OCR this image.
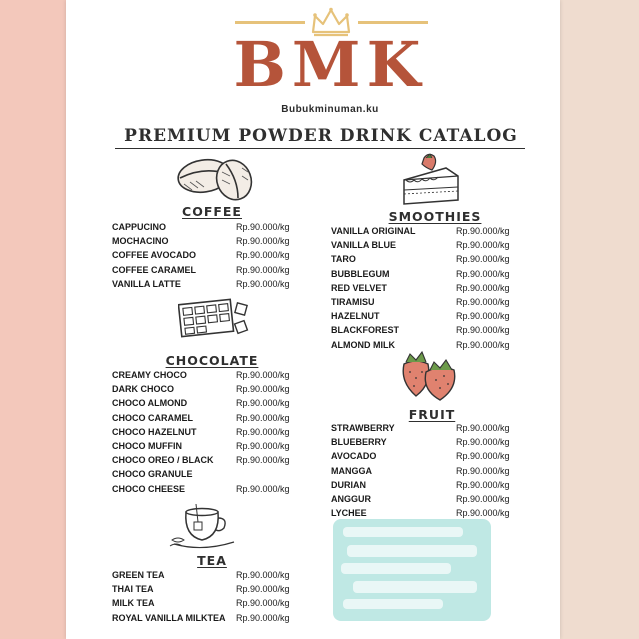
BMK
Bubukminuman.ku
PREMIUM POWDER DRINK CATALOG
COFFEE
CAPPUCINO	Rp.90.000/kg
MOCHACINO	Rp.90.000/kg
COFFEE AVOCADO	Rp.90.000/kg
COFFEE CARAMEL	Rp.90.000/kg
VANILLA LATTE	Rp.90.000/kg
CHOCOLATE
CREAMY CHOCO	Rp.90.000/kg
DARK CHOCO	Rp.90.000/kg
CHOCO ALMOND	Rp.90.000/kg
CHOCO CARAMEL	Rp.90.000/kg
CHOCO HAZELNUT	Rp.90.000/kg
CHOCO MUFFIN	Rp.90.000/kg
CHOCO OREO / BLACK Rp.90.000/kg
CHOCO GRANULE
CHOCO CHEESE	Rp.90.000/kg
TEA
GREEN TEA	Rp.90.000/kg
THAI TEA	Rp.90.000/kg
MILK TEA	Rp.90.000/kg
ROYAL VANILLA MILKTEA Rp.90.000/kg
SMOOTHIES
VANILLA ORIGINAL	Rp.90.000/kg
VANILLA BLUE	Rp.90.000/kg
TARO	Rp.90.000/kg
BUBBLEGUM	Rp.90.000/kg
RED VELVET	Rp.90.000/kg
TIRAMISU	Rp.90.000/kg
HAZELNUT	Rp.90.000/kg
BLACKFOREST	Rp.90.000/kg
ALMOND MILK	Rp.90.000/kg
FRUIT
STRAWBERRY	Rp.90.000/kg
BLUEBERRY	Rp.90.000/kg
AVOCADO	Rp.90.000/kg
MANGGA	Rp.90.000/kg
DURIAN	Rp.90.000/kg
ANGGUR	Rp.90.000/kg
LYCHEE	Rp.90.000/kg
